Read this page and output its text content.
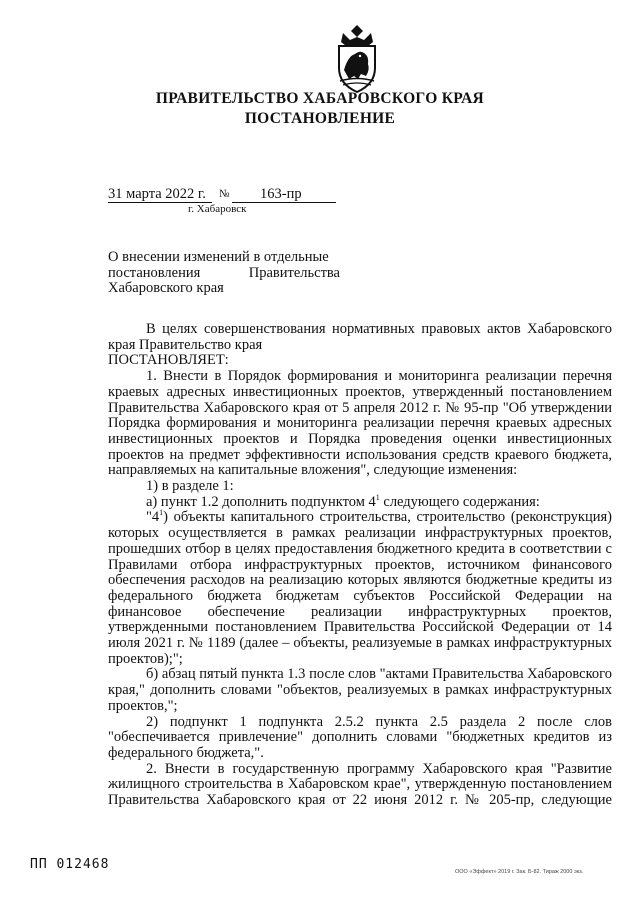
ПРАВИТЕЛЬСТВО ХАБАРОВСКОГО КРАЯ
ПОСТАНОВЛЕНИЕ
31 марта 2022 г. № 163-пр
г. Хабаровск
О внесении изменений в отдельные
постановления	Правительства
Хабаровского края

В целях совершенствования нормативных правовых актов Хабаровского края Правительство края

ПОСТАНОВЛЯЕТ:

1. Внести в Порядок формирования и мониторинга реализации перечня краевых адресных инвестиционных проектов, утвержденный постановлением Правительства Хабаровского края от 5 апреля 2012 г. № 95-пр "Об утверждении Порядка формирования и мониторинга реализации перечня краевых адресных инвестиционных проектов и Порядка проведения оценки инвестиционных проектов на предмет эффективности использования средств краевого бюджета, направляемых на капитальные вложения", следующие изменения:

1) в разделе 1:

а) пункт 1.2 дополнить подпунктом $4^1$ следующего содержания:

"$4^1$) объекты капитального строительства, строительство (реконструкция) которых осуществляется в рамках реализации инфраструктурных проектов, прошедших отбор в целях предоставления бюджетного кредита в соответствии с Правилами отбора инфраструктурных проектов, источником финансового обеспечения расходов на реализацию которых являются бюджетные кредиты из федерального бюджета бюджетам субъектов Российской Федерации на финансовое обеспечение реализации инфраструктурных проектов, утвержденными постановлением Правительства Российской Федерации от 14 июля 2021 г. № 1189 (далее – объекты, реализуемые в рамках инфраструктурных проектов);";

б) абзац пятый пункта 1.3 после слов "актами Правительства Хабаровского края," дополнить словами "объектов, реализуемых в рамках инфраструктурных проектов,";

2) подпункт 1 подпункта 2.5.2 пункта 2.5 раздела 2 после слов "обеспечивается привлечение" дополнить словами "бюджетных кредитов из федерального бюджета,".

2. Внести в государственную программу Хабаровского края "Развитие жилищного строительства в Хабаровском крае", утвержденную постановлением Правительства Хабаровского края от 22 июня 2012 г. № 205-пр, следующие

ПП 012468	ООО «Эффект» 2019 г. Зак. Б-82. Тираж 2000 экз.
